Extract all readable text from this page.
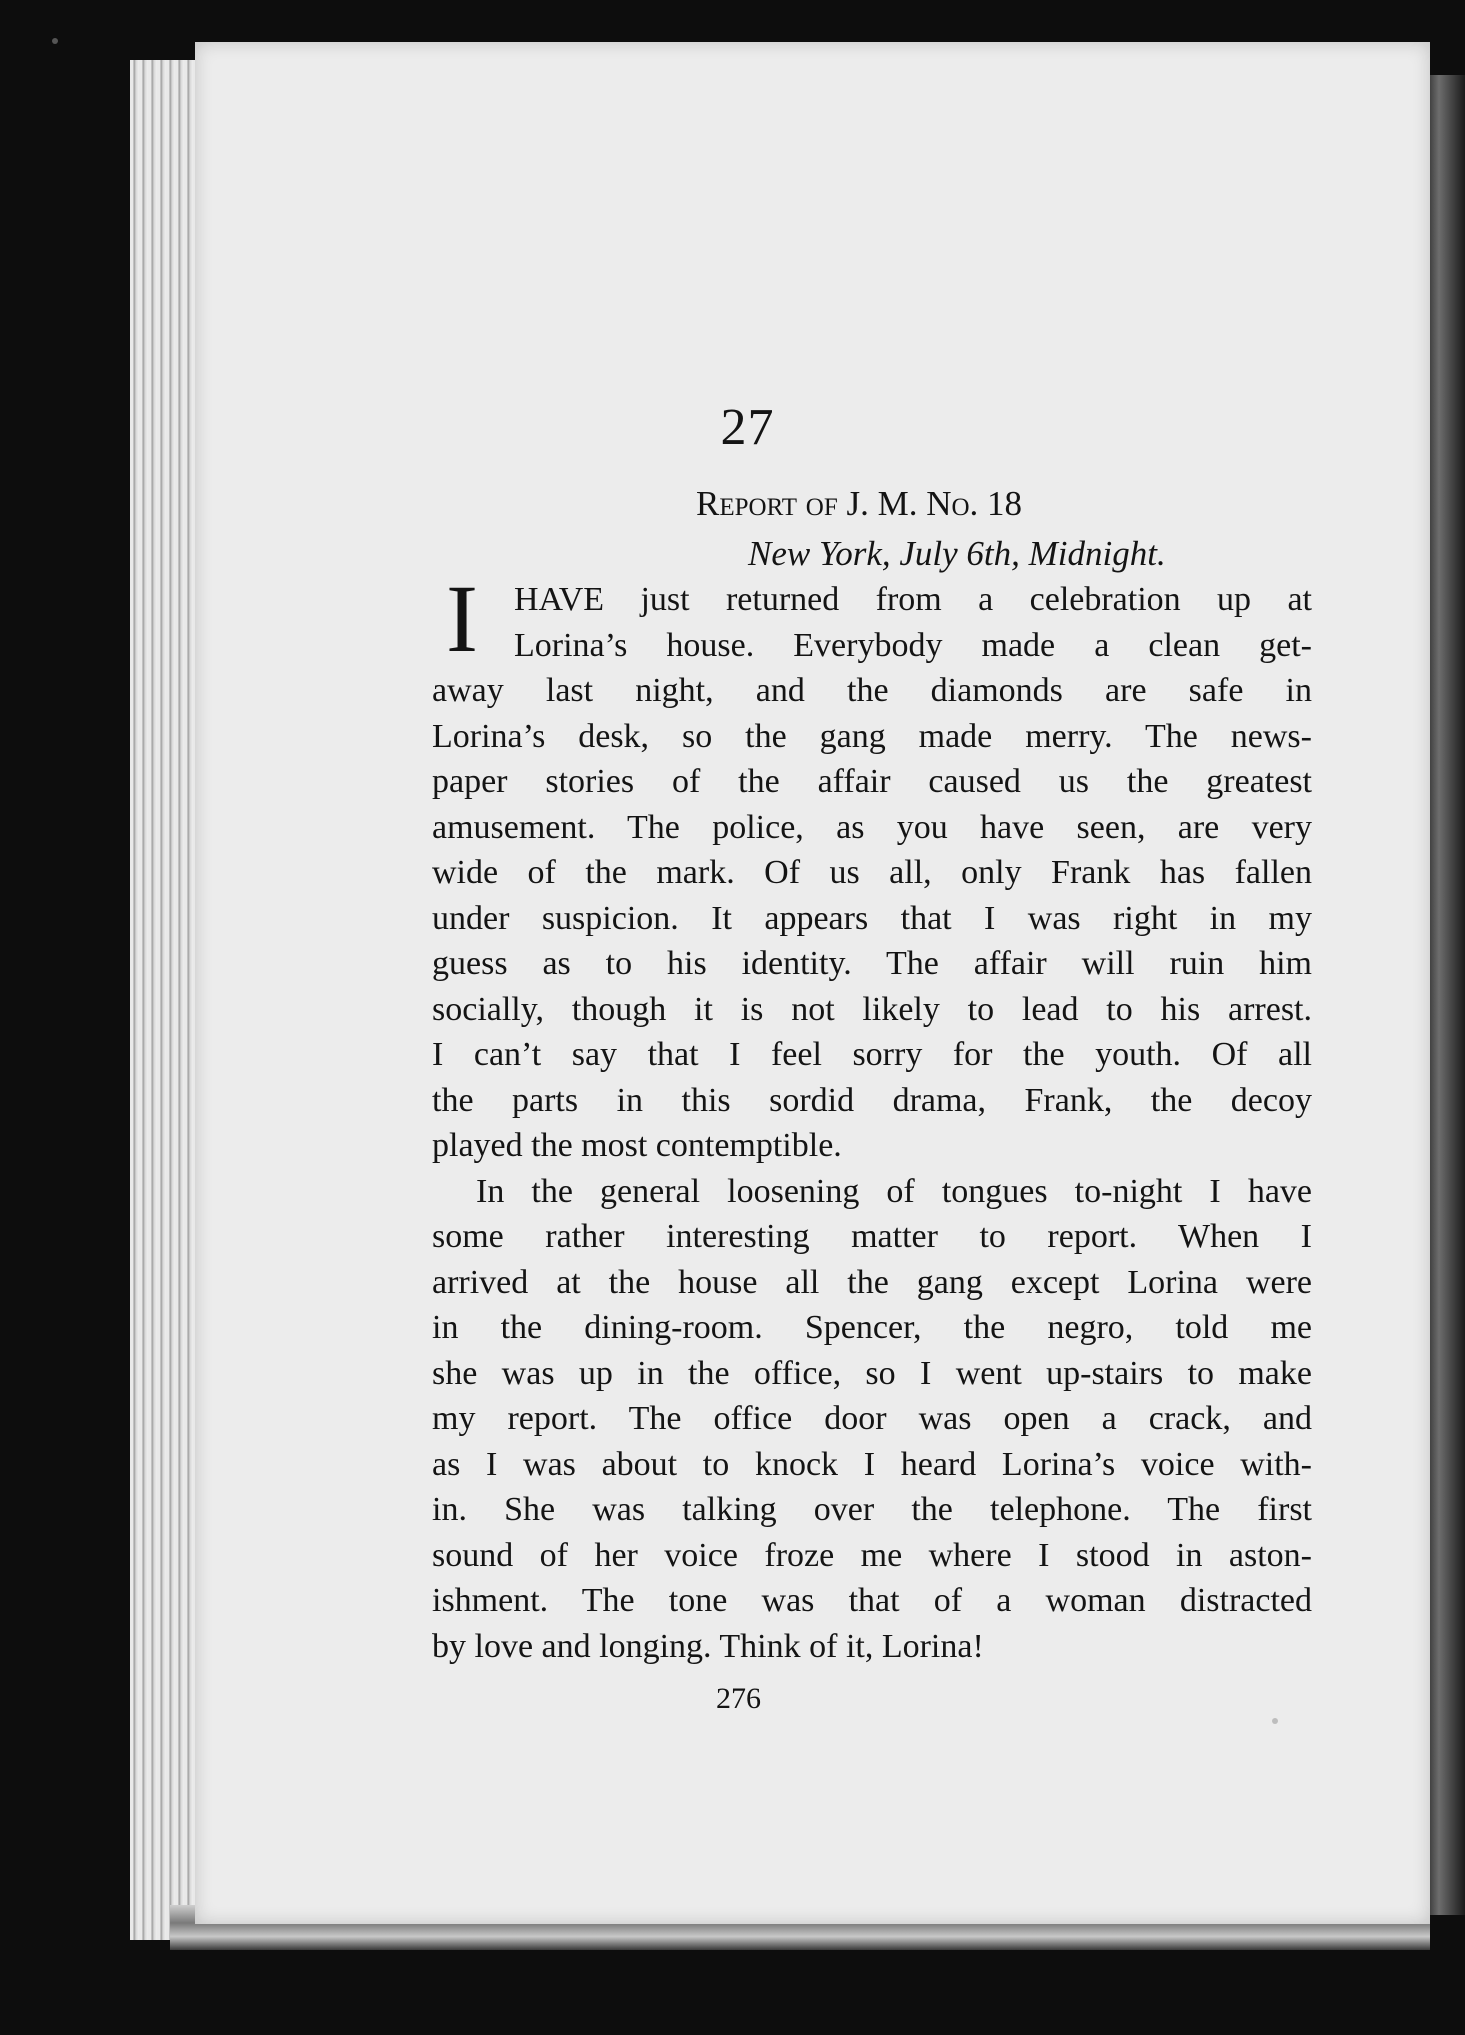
27
Report of J. M. No. 18
New York, July 6th, Midnight.
I	HAVE just returned from a celebration up at
Lorina’s house. Everybody made a clean get-
away last night, and the diamonds are safe in
Lorina’s desk, so the gang made merry. The news-
paper stories of the affair caused us the greatest
amusement. The police, as you have seen, are very
wide of the mark. Of us all, only Frank has fallen
under suspicion. It appears that I was right in my
guess as to his identity. The affair will ruin him
socially, though it is not likely to lead to his arrest.
I can’t say that I feel sorry for the youth. Of all
the parts in this sordid drama, Frank, the decoy
played the most contemptible.
In the general loosening of tongues to-night I have
some rather interesting matter to report. When I
arrived at the house all the gang except Lorina were
in the dining-room. Spencer, the negro, told me
she was up in the office, so I went up-stairs to make
my report. The office door was open a crack, and
as I was about to knock I heard Lorina’s voice with-
in. She was talking over the telephone. The first
sound of her voice froze me where I stood in aston-
ishment. The tone was that of a woman distracted
by love and longing. Think of it, Lorina!
276
